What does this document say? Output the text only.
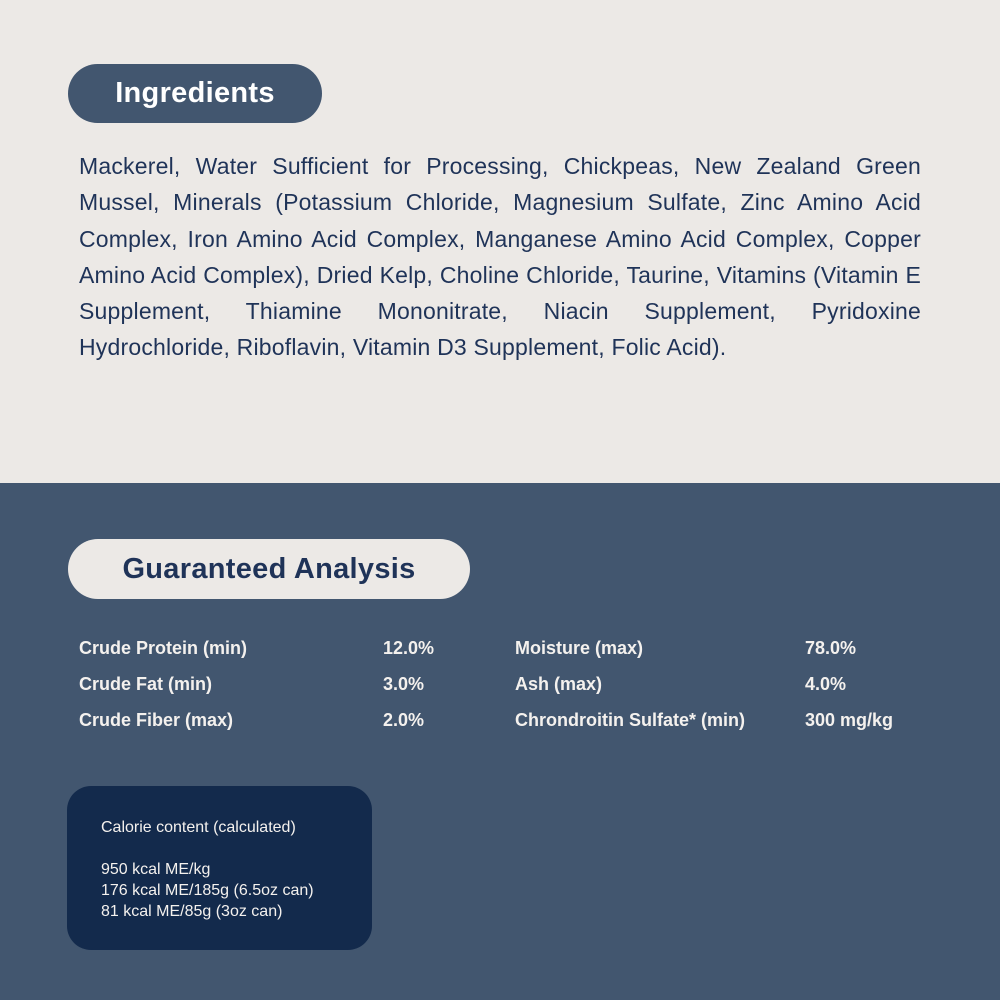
Ingredients

Mackerel, Water Sufficient for Processing, Chickpeas, New Zealand Green Mussel, Minerals (Potassium Chloride, Magnesium Sulfate, Zinc Amino Acid Complex, Iron Amino Acid Complex, Manganese Amino Acid Complex, Copper Amino Acid Complex), Dried Kelp, Choline Chloride, Taurine, Vitamins (Vitamin E Supplement, Thiamine Mononitrate, Niacin Supplement, Pyridoxine Hydrochloride, Riboflavin, Vitamin D3 Supplement, Folic Acid).

Guaranteed Analysis
Crude Protein (min)	12.0%	Moisture (max)	78.0%
Crude Fat (min)	3.0%	Ash (max)	4.0%
Crude Fiber (max)	2.0%	Chrondroitin Sulfate* (min)	300 mg/kg
Calorie content (calculated)
950 kcal ME/kg
176 kcal ME/185g (6.5oz can)
81 kcal ME/85g (3oz can)
